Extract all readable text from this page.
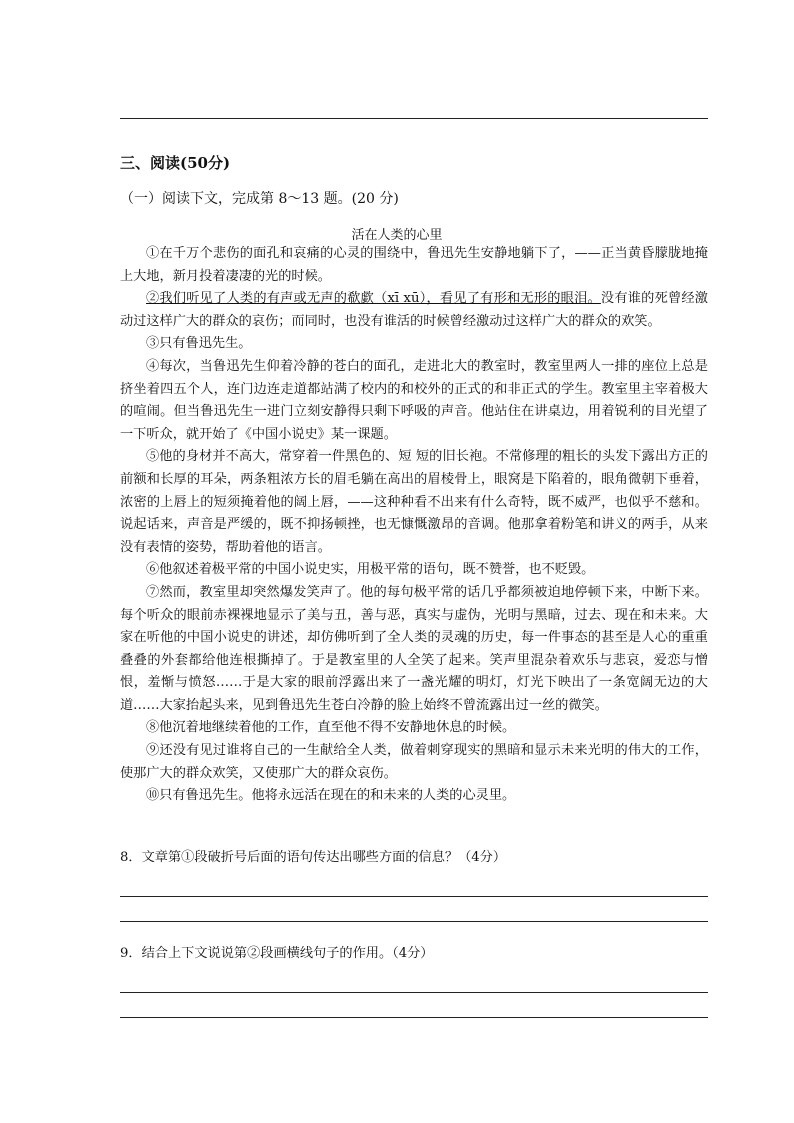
三、阅读(50分)
（一）阅读下文，完成第 8～13 题。(20 分)
活在人类的心里

①在千万个悲伤的面孔和哀痛的心灵的围绕中，鲁迅先生安静地躺下了，——正当黄昏朦胧地掩上大地，新月投着凄凄的光的时候。

②我们听见了人类的有声或无声的欷歔（xī xū），看见了有形和无形的眼泪。没有谁的死曾经激动过这样广大的群众的哀伤；而同时，也没有谁活的时候曾经激动过这样广大的群众的欢笑。

③只有鲁迅先生。

④每次，当鲁迅先生仰着冷静的苍白的面孔，走进北大的教室时，教室里两人一排的座位上总是挤坐着四五个人，连门边连走道都站满了校内的和校外的正式的和非正式的学生。教室里主宰着极大的喧闹。但当鲁迅先生一进门立刻安静得只剩下呼吸的声音。他站住在讲桌边，用着锐利的目光望了一下听众，就开始了《中国小说史》某一课题。

⑤他的身材并不高大，常穿着一件黑色的、短 短的旧长袍。不常修理的粗长的头发下露出方正的前额和长厚的耳朵，两条粗浓方长的眉毛躺在高出的眉棱骨上，眼窝是下陷着的，眼角微朝下垂着，浓密的上唇上的短须掩着他的阔上唇，——这种种看不出来有什么奇特，既不威严，也似乎不慈和。说起话来，声音是严缓的，既不抑扬顿挫，也无慷慨激昂的音调。他那拿着粉笔和讲义的两手，从来没有表情的姿势，帮助着他的语言。

⑥他叙述着极平常的中国小说史实，用极平常的语句，既不赞誉，也不贬毁。

⑦然而，教室里却突然爆发笑声了。他的每句极平常的话几乎都须被迫地停顿下来，中断下来。每个听众的眼前赤裸裸地显示了美与丑，善与恶，真实与虚伪，光明与黑暗，过去、现在和未来。大家在听他的中国小说史的讲述，却仿佛听到了全人类的灵魂的历史，每一件事态的甚至是人心的重重叠叠的外套都给他连根撕掉了。于是教室里的人全笑了起来。笑声里混杂着欢乐与悲哀，爱恋与憎恨，羞惭与愤怒……于是大家的眼前浮露出来了一盏光耀的明灯，灯光下映出了一条宽阔无边的大道……大家抬起头来，见到鲁迅先生苍白冷静的脸上始终不曾流露出过一丝的微笑。

⑧他沉着地继续着他的工作，直至他不得不安静地休息的时候。

⑨还没有见过谁将自己的一生献给全人类，做着刺穿现实的黑暗和显示未来光明的伟大的工作，使那广大的群众欢笑，又使那广大的群众哀伤。

⑩只有鲁迅先生。他将永远活在现在的和未来的人类的心灵里。

8．文章第①段破折号后面的语句传达出哪些方面的信息？（4分）
9．结合上下文说说第②段画横线句子的作用。（4分）
